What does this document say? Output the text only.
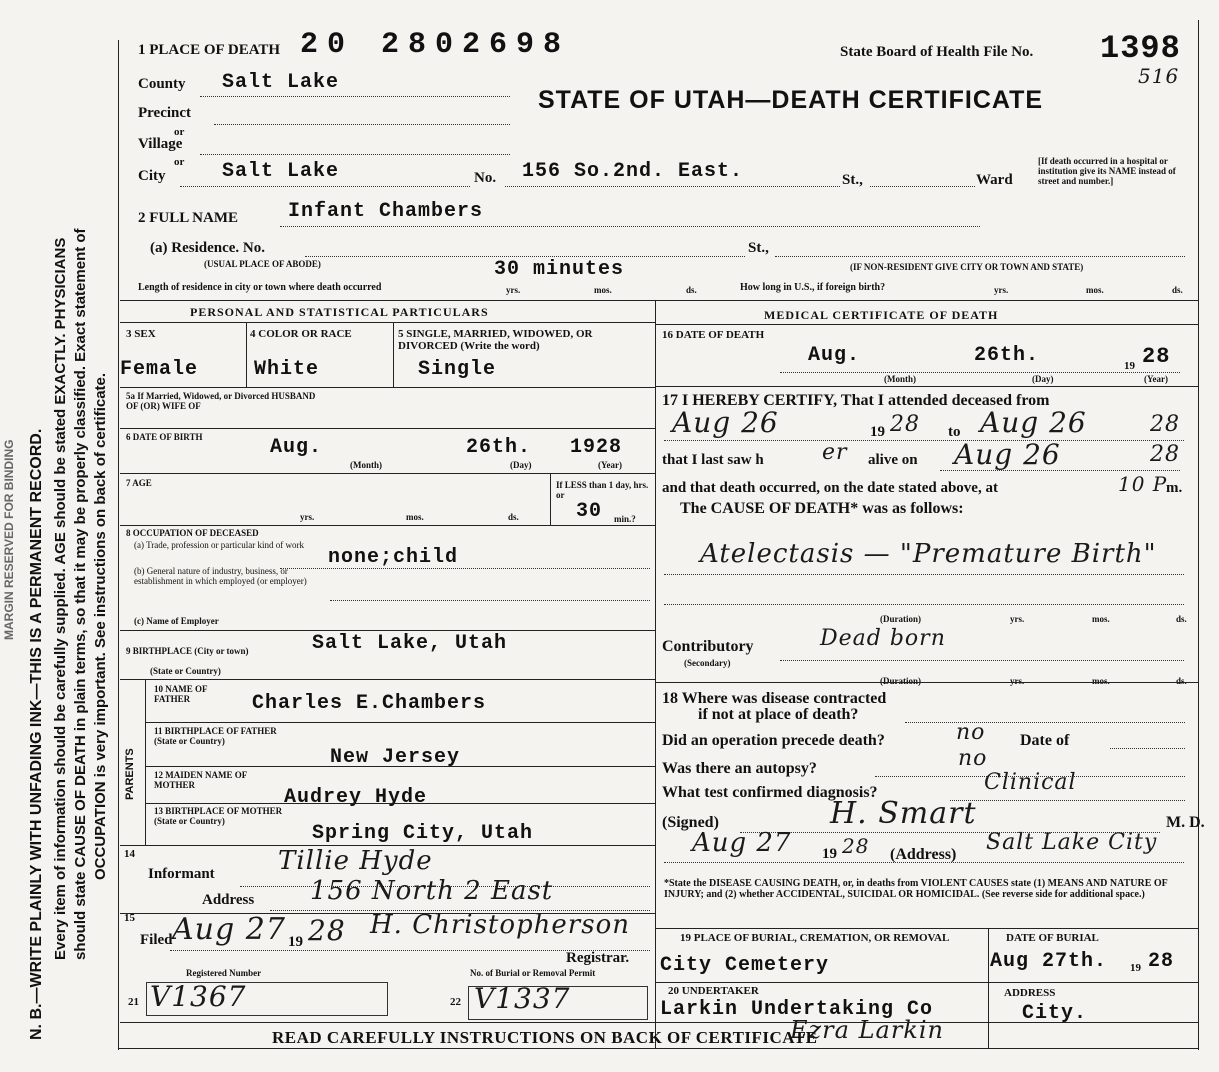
N. B.—WRITE PLAINLY WITH UNFADING INK—THIS IS A PERMANENT RECORD. Every item of information should be carefully supplied. AGE should be stated EXACTLY. PHYSICIANS should state CAUSE OF DEATH in plain terms, so that it may be properly classified. Exact statement of OCCUPATION is very important. See instructions on back of certificate.
MARGIN RESERVED FOR BINDING
1 PLACE OF DEATH 20 2802698	State Board of Health File No. 1398
516
STATE OF UTAH—DEATH CERTIFICATE
County Salt Lake
Precinct
or
Village
or
City	Salt Lake	No. 156 So.2nd. East.	St.,	Ward
[If death occurred in a hospital or institution give its NAME instead of street and number.]
2 FULL NAME Infant Chambers
(a) Residence. No.
(USUAL PLACE OF ABODE)
St.,
(IF NON-RESIDENT GIVE CITY OR TOWN AND STATE)
Length of residence in city or town where death occurred
30 minutes
yrs.	mos.	ds.	How long in U.S., if foreign birth?	yrs.	mos.	ds.
PERSONAL AND STATISTICAL PARTICULARS	MEDICAL CERTIFICATE OF DEATH
3 SEX
Female
4 COLOR OR RACE
White
5 SINGLE, MARRIED, WIDOWED, OR DIVORCED (Write the word)
Single
5a If Married, Widowed, or Divorced HUSBAND OF (OR) WIFE OF
6 DATE OF BIRTH	Aug.	26th. 1928
(Month)	(Day)	(Year)
7 AGE
yrs.	mos.	ds.
If LESS than 1 day, hrs. or
30 min.?
8 OCCUPATION OF DECEASED
(a) Trade, profession or particular kind of work
(b) General nature of industry, business, or establishment in which employed (or employer)
none;child
(c) Name of Employer
9 BIRTHPLACE (City or town)	Salt Lake, Utah
(State or Country)
PARENTS
10 NAME OF FATHER	Charles E.Chambers
11 BIRTHPLACE OF FATHER (State or Country)
New Jersey
12 MAIDEN NAME OF MOTHER
Audrey Hyde
13 BIRTHPLACE OF MOTHER (State or Country)
Spring City, Utah
14
Informant Tillie Hyde
Address 156 North 2 East
15
Filed Aug 27 19 28 H. Christopherson
Registrar.
Registered Number	No. of Burial or Removal Permit
21 V1367	22 V1337
16 DATE OF DEATH
Aug.	26th.	19 28
(Month)	(Day)	(Year)
17 I HEREBY CERTIFY, That I attended deceased from
Aug 26	19 28 to Aug 26	28
that I last saw h	er alive on Aug 26	28
and that death occurred, on the date stated above, at	10 P
m.
The CAUSE OF DEATH* was as follows:
Atelectasis — "Premature Birth"
(Duration)	yrs.	mos.	ds.
Contributory
(Secondary)
Dead born
(Duration)	yrs.	mos.	ds.
18 Where was disease contracted
if not at place of death?
Did an operation precede death?	no Date of
Was there an autopsy?	no
What test confirmed diagnosis?	Clinical
(Signed)	H. Smart	M. D.
Aug 27 19 28 (Address) Salt Lake City
*State the DISEASE CAUSING DEATH, or, in deaths from VIOLENT CAUSES state (1) MEANS AND NATURE OF INJURY; and (2) whether ACCIDENTAL, SUICIDAL OR HOMICIDAL. (See reverse side for additional space.)
19 PLACE OF BURIAL, CREMATION, OR REMOVAL
City Cemetery
DATE OF BURIAL
Aug 27th. 19 28
20 UNDERTAKER
Larkin Undertaking Co
Ezra Larkin
ADDRESS
City.
READ CAREFULLY INSTRUCTIONS ON BACK OF CERTIFICATE
